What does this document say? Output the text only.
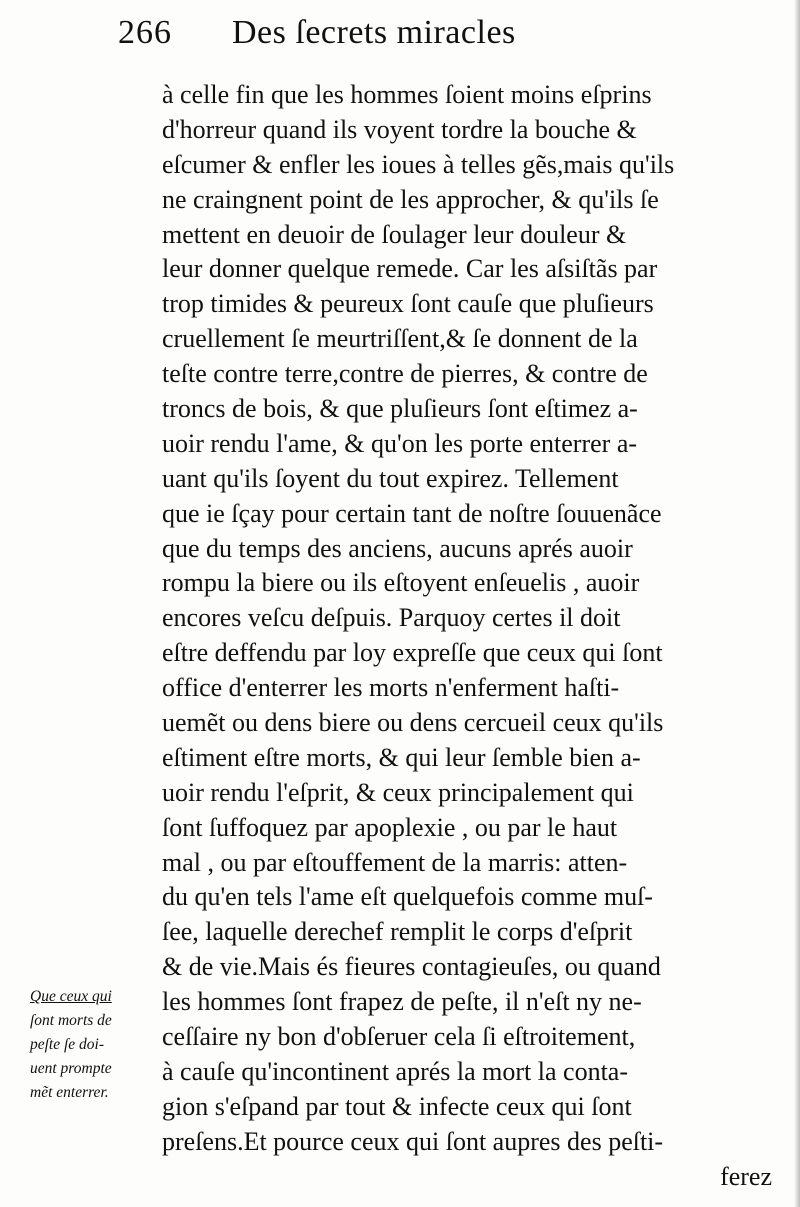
266 Des ſecrets miracles
à celle fin que les hommes ſoient moins eſprins
d'horreur quand ils voyent tordre la bouche &
eſcumer & enfler les ioues à telles gẽs,mais qu'ils
ne craingnent point de les approcher, & qu'ils ſe
mettent en deuoir de ſoulager leur douleur &
leur donner quelque remede. Car les aſsiſtãs par
trop timides & peureux ſont cauſe que pluſieurs
cruellement ſe meurtriſſent,& ſe donnent de la
teſte contre terre,contre de pierres, & contre de
troncs de bois, & que pluſieurs ſont eſtimez a-
uoir rendu l'ame, & qu'on les porte enterrer a-
uant qu'ils ſoyent du tout expirez. Tellement
que ie ſçay pour certain tant de noſtre ſouuenãce
que du temps des anciens, aucuns aprés auoir
rompu la biere ou ils eſtoyent enſeuelis , auoir
encores veſcu deſpuis. Parquoy certes il doit
eſtre deffendu par loy expreſſe que ceux qui ſont
office d'enterrer les morts n'enferment haſti-
uemẽt ou dens biere ou dens cercueil ceux qu'ils
eſtiment eſtre morts, & qui leur ſemble bien a-
uoir rendu l'eſprit, & ceux principalement qui
ſont ſuffoquez par apoplexie , ou par le haut
mal , ou par eſtouffement de la marris: atten-
du qu'en tels l'ame eſt quelquefois comme muſ-
ſee, laquelle derechef remplit le corps d'eſprit
& de vie.Mais és fieures contagieuſes, ou quand
les hommes ſont frapez de peſte, il n'eſt ny ne-
ceſſaire ny bon d'obſeruer cela ſi eſtroitement,
à cauſe qu'incontinent aprés la mort la conta-
gion s'eſpand par tout & infecte ceux qui ſont
preſens.Et pource ceux qui ſont aupres des peſti-
ferez
Que ceux qui
ſont morts de
peſte ſe doi-
uent prompte
mẽt enterrer.
